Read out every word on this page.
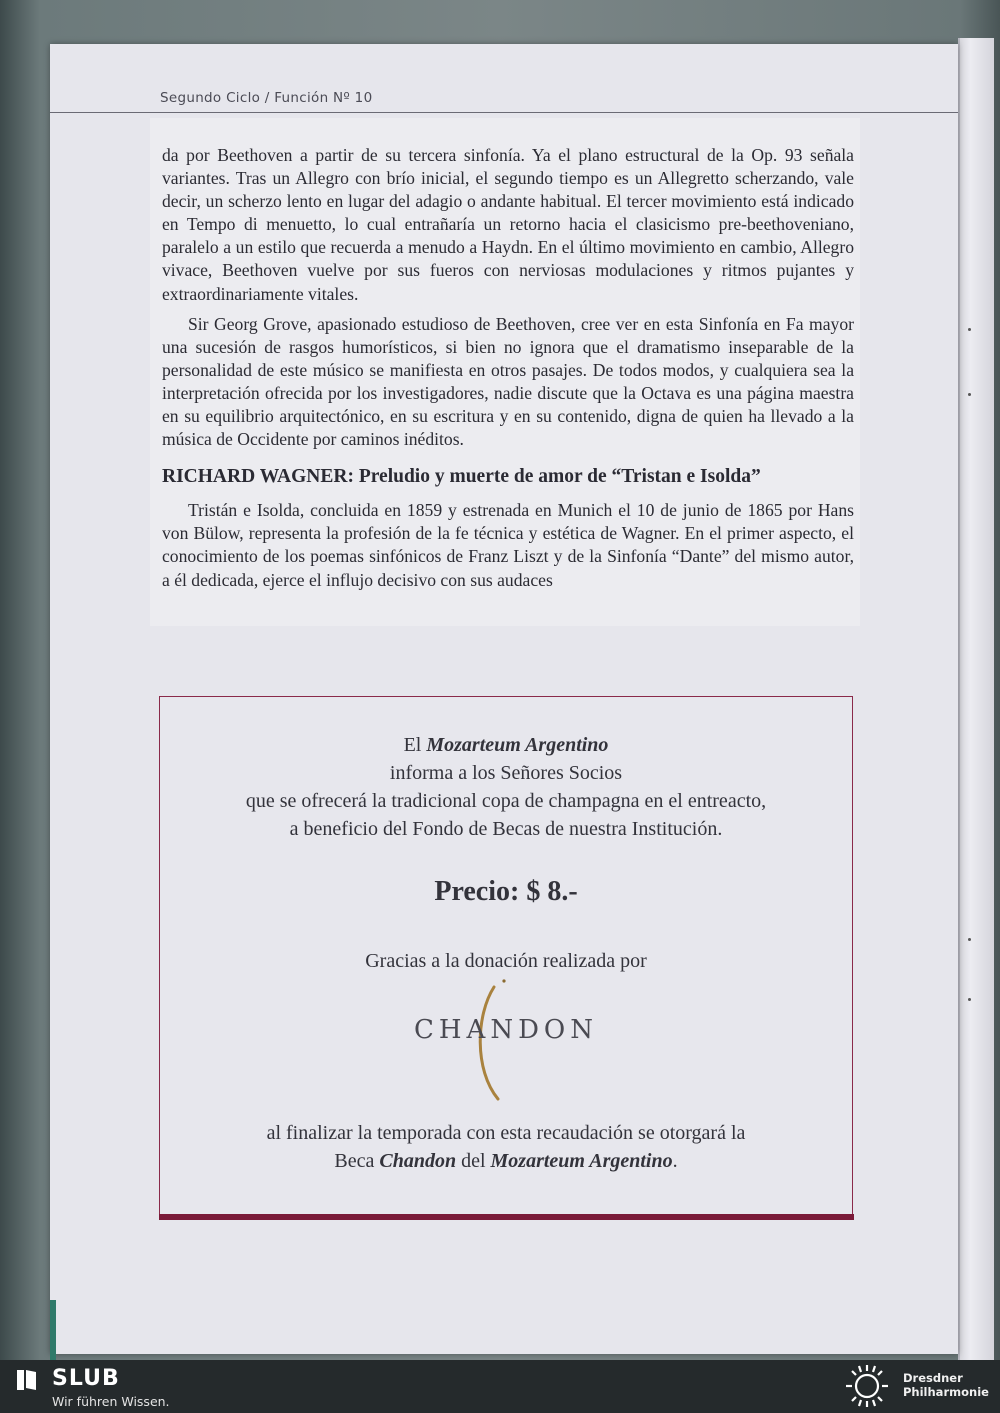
Segundo Ciclo / Función Nº 10

da por Beethoven a partir de su tercera sinfonía. Ya el plano estructural de la Op. 93 señala variantes. Tras un Allegro con brío inicial, el segundo tiempo es un Allegretto scherzando, vale decir, un scherzo lento en lugar del adagio o andante habitual. El tercer movimiento está indicado en Tempo di menuetto, lo cual entrañaría un retorno hacia el clasicismo pre-beethoveniano, paralelo a un estilo que recuerda a menudo a Haydn. En el último movimiento en cambio, Allegro vivace, Beethoven vuelve por sus fueros con nerviosas modulaciones y ritmos pujantes y extraordinariamente vitales.

Sir Georg Grove, apasionado estudioso de Beethoven, cree ver en esta Sinfonía en Fa mayor una sucesión de rasgos humorísticos, si bien no ignora que el dramatismo inseparable de la personalidad de este músico se manifiesta en otros pasajes. De todos modos, y cualquiera sea la interpretación ofrecida por los investigadores, nadie discute que la Octava es una página maestra en su equilibrio arquitectónico, en su escritura y en su contenido, digna de quien ha llevado a la música de Occidente por caminos inéditos.

RICHARD WAGNER: Preludio y muerte de amor de “Tristan e Isolda”

Tristán e Isolda, concluida en 1859 y estrenada en Munich el 10 de junio de 1865 por Hans von Bülow, representa la profesión de la fe técnica y estética de Wagner. En el primer aspecto, el conocimiento de los poemas sinfónicos de Franz Liszt y de la Sinfonía “Dante” del mismo autor, a él dedicada, ejerce el influjo decisivo con sus audaces

El Mozarteum Argentino
informa a los Señores Socios
que se ofrecerá la tradicional copa de champagna en el entreacto,
a beneficio del Fondo de Becas de nuestra Institución.
Precio: $ 8.-
Gracias a la donación realizada por
CHANDON
al finalizar la temporada con esta recaudación se otorgará la
Beca Chandon del Mozarteum Argentino.
SLUB
Wir führen Wissen.
Dresdner
Philharmonie
